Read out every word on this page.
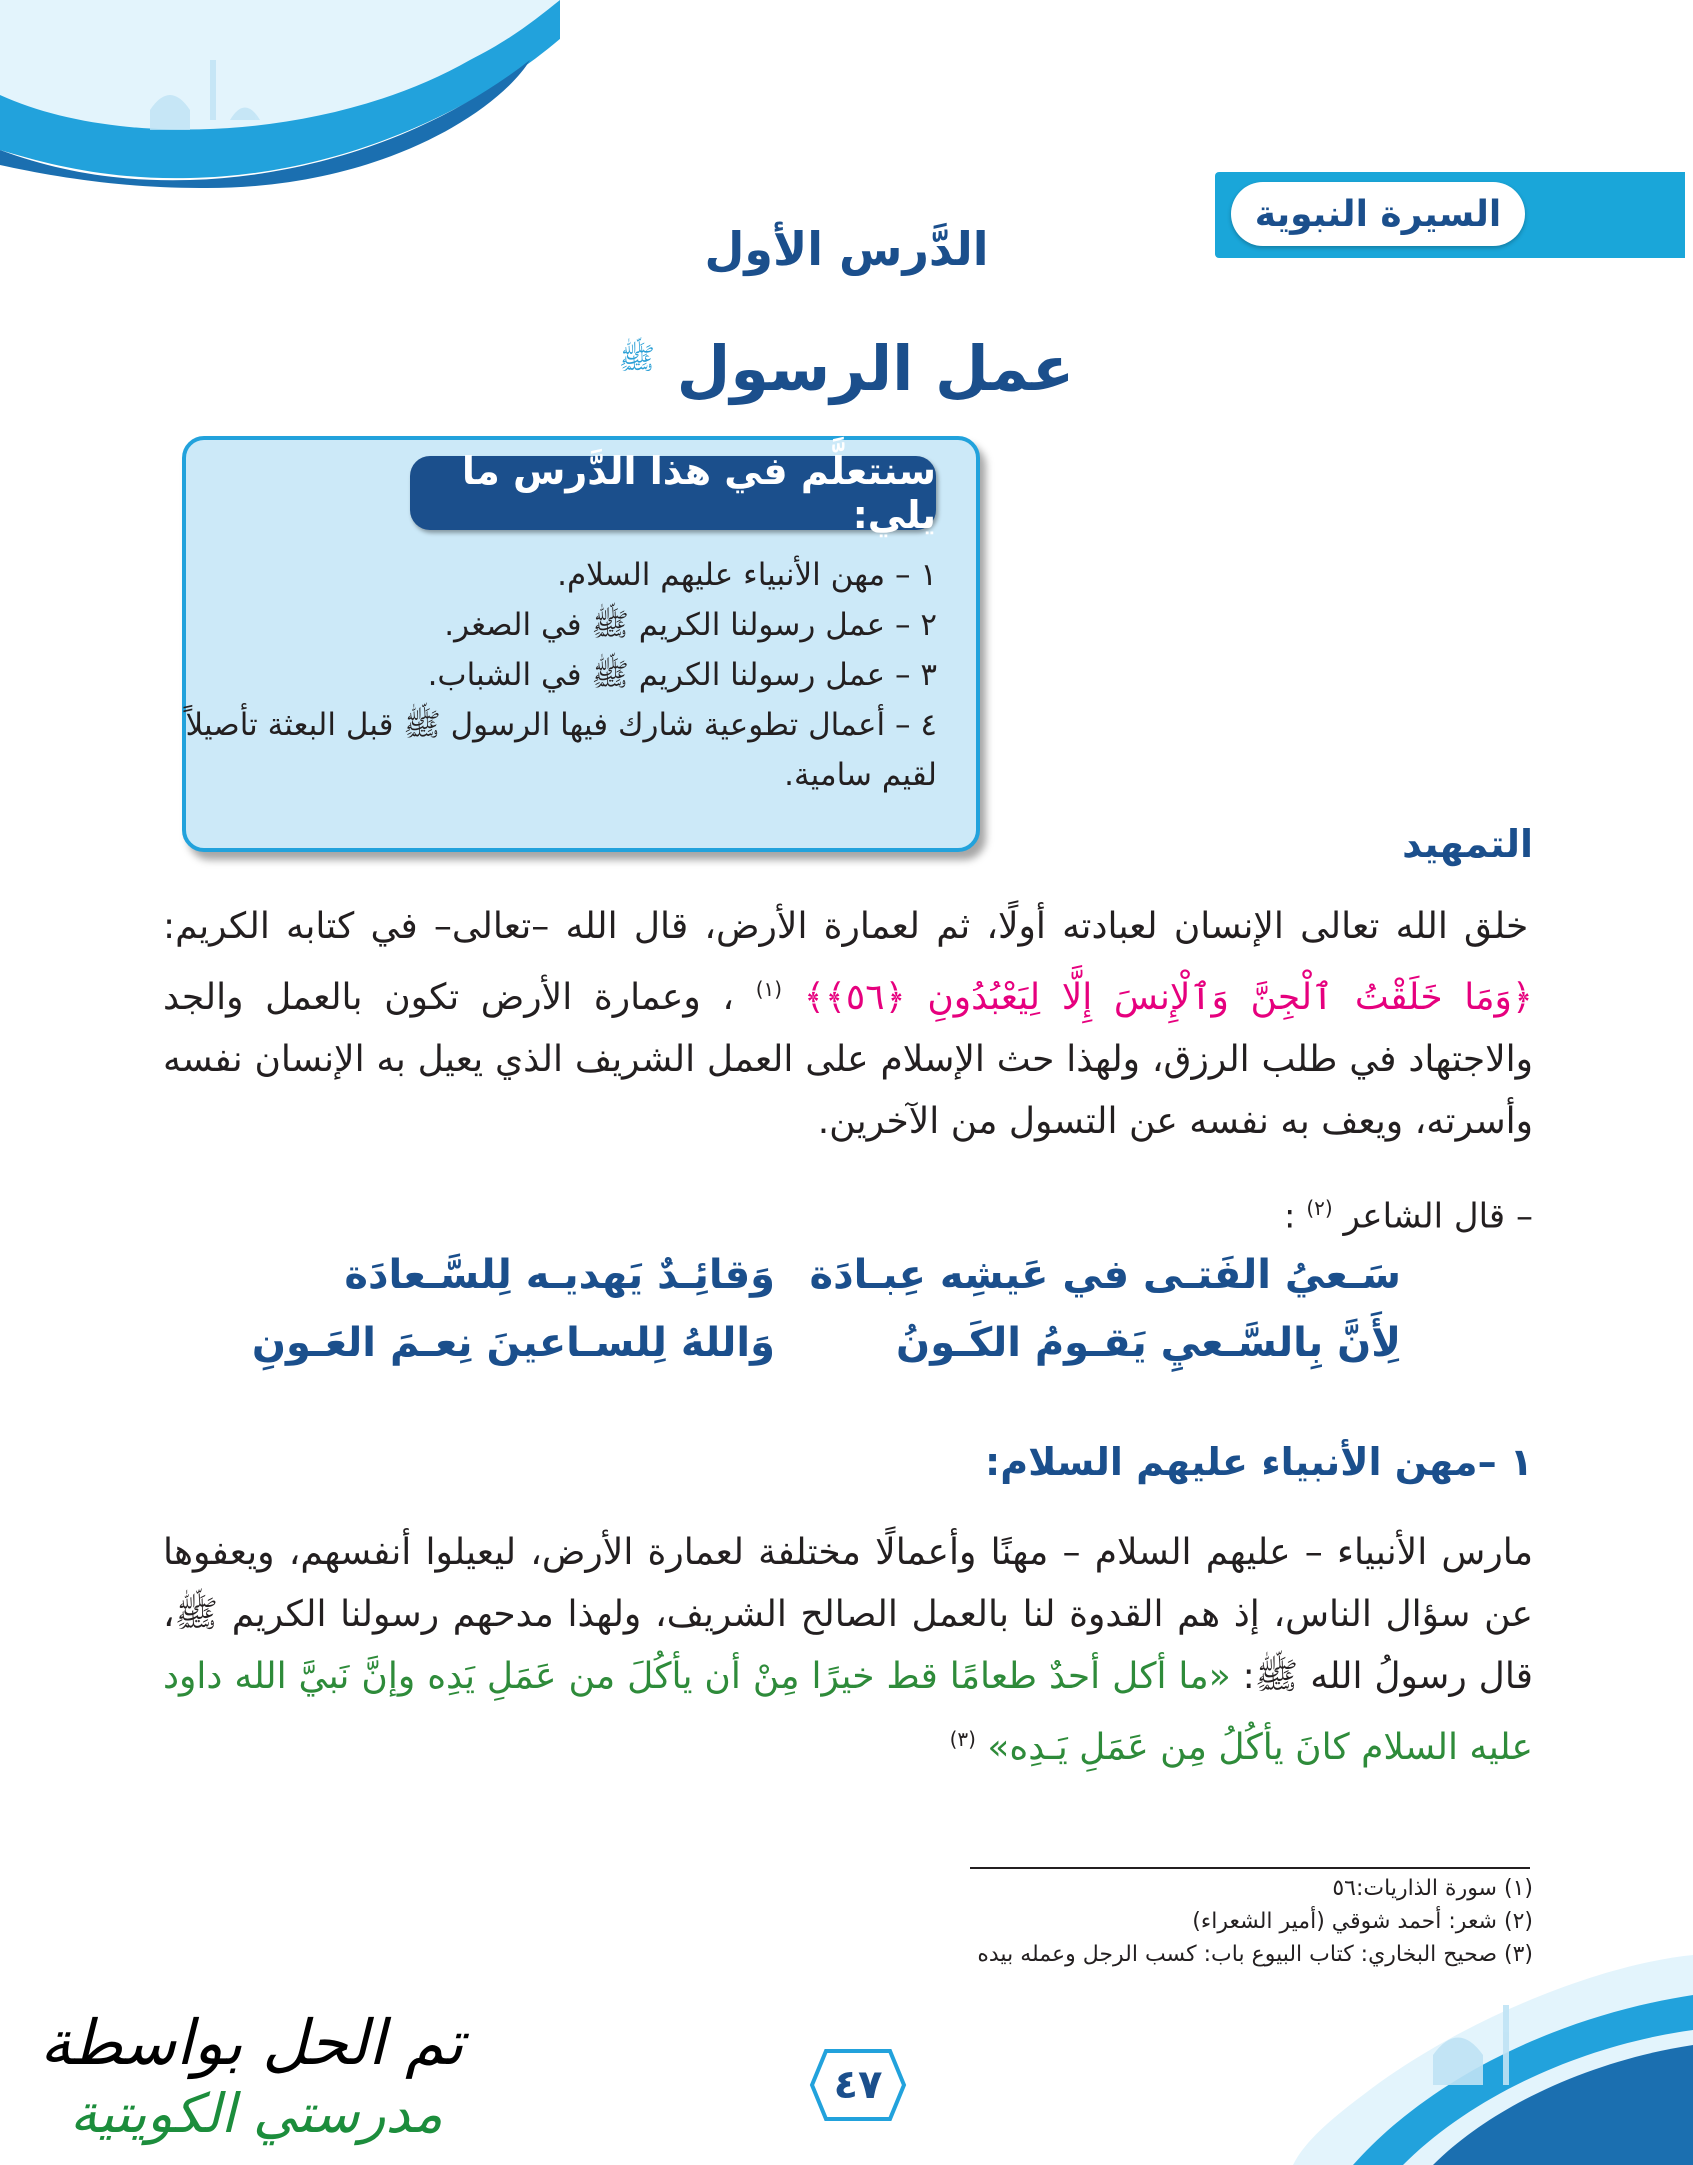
السيرة النبوية
الدَّرس الأول
عمل الرسول $^ﷺ$
سنتعلَّم في هذا الدَّرس ما يلي:
١ – مهن الأنبياء عليهم السلام.
٢ – عمل رسولنا الكريم ﷺ في الصغر.
٣ – عمل رسولنا الكريم ﷺ في الشباب.
٤ – أعمال تطوعية شارك فيها الرسول ﷺ قبل البعثة تأصيلاً
لقيم سامية.
التمهيد
خلق الله تعالى الإنسان لعبادته أولًا، ثم لعمارة الأرض، قال الله –تعالى– في كتابه الكريم: ﴿وَمَا خَلَقْتُ ٱلْجِنَّ وَٱلْإِنسَ إِلَّا لِيَعْبُدُونِ ﴿٥٦﴾﴾ $^{(١)}$ ، وعمارة الأرض تكون بالعمل والجد والاجتهاد في طلب الرزق، ولهذا حث الإسلام على العمل الشريف الذي يعيل به الإنسان نفسه وأسرته، ويعف به نفسه عن التسول من الآخرين.
– قال الشاعر $^{(٢)}$ :
سَـعيُ الفَتـى في عَيشِه عِبـادَة
وَقائِـدٌ يَهديـه لِلسَّـعادَة
لِأَنَّ بِالسَّـعيِ يَقـومُ الكَـونُ
وَاللهُ لِلسـاعينَ نِعـمَ العَـونِ
١ –مهن الأنبياء عليهم السلام:
مارس الأنبياء – عليهم السلام – مهنًا وأعمالًا مختلفة لعمارة الأرض، ليعيلوا أنفسهم، ويعفوها عن سؤال الناس، إذ هم القدوة لنا بالعمل الصالح الشريف، ولهذا مدحهم رسولنا الكريم ﷺ، قال رسولُ الله ﷺ: «ما أكل أحدٌ طعامًا قط خيرًا مِنْ أن يأكُلَ من عَمَلِ يَدِه وإنَّ نَبيَّ الله داود عليه السلام كانَ يأكُلُ مِن عَمَلِ يَـدِه» $^{(٣)}$
(١) سورة الذاريات:٥٦
(٢) شعر: أحمد شوقي (أمير الشعراء)
(٣) صحيح البخاري: كتاب البيوع باب: كسب الرجل وعمله بيده
٤٧
تم الحل بواسطة
مدرستي الكويتية
